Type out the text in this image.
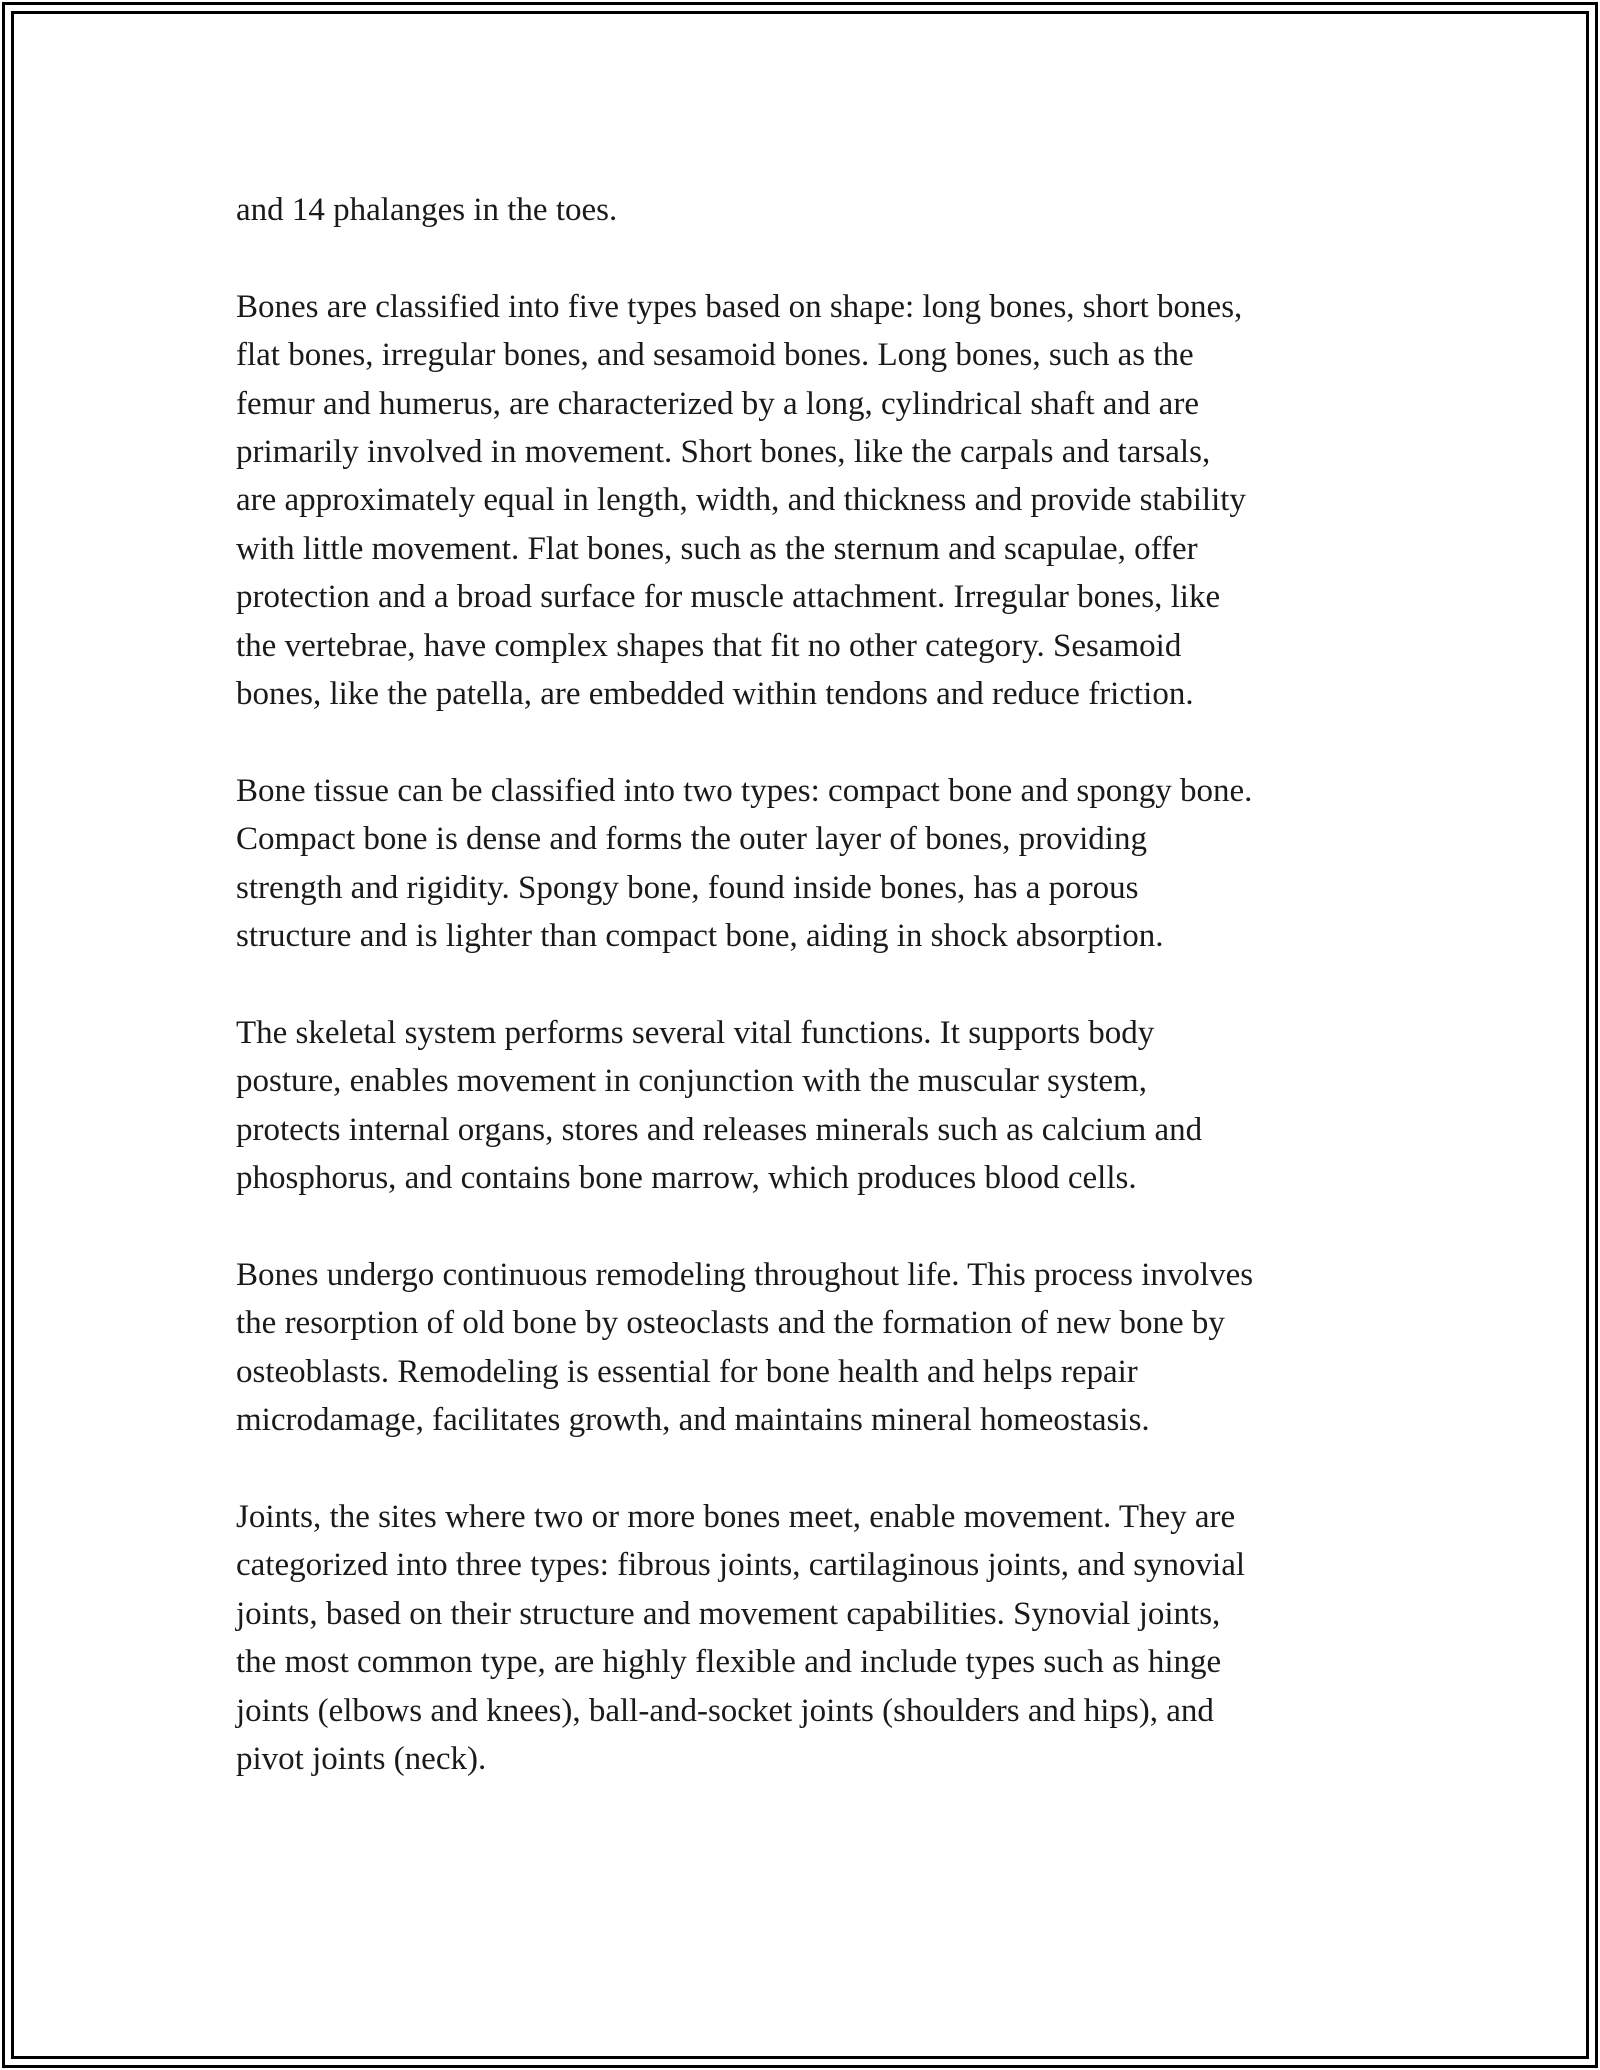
and 14 phalanges in the toes.

Bones are classified into five types based on shape: long bones, short bones,
flat bones, irregular bones, and sesamoid bones. Long bones, such as the
femur and humerus, are characterized by a long, cylindrical shaft and are
primarily involved in movement. Short bones, like the carpals and tarsals,
are approximately equal in length, width, and thickness and provide stability
with little movement. Flat bones, such as the sternum and scapulae, offer
protection and a broad surface for muscle attachment. Irregular bones, like
the vertebrae, have complex shapes that fit no other category. Sesamoid
bones, like the patella, are embedded within tendons and reduce friction.

Bone tissue can be classified into two types: compact bone and spongy bone.
Compact bone is dense and forms the outer layer of bones, providing
strength and rigidity. Spongy bone, found inside bones, has a porous
structure and is lighter than compact bone, aiding in shock absorption.

The skeletal system performs several vital functions. It supports body
posture, enables movement in conjunction with the muscular system,
protects internal organs, stores and releases minerals such as calcium and
phosphorus, and contains bone marrow, which produces blood cells.

Bones undergo continuous remodeling throughout life. This process involves
the resorption of old bone by osteoclasts and the formation of new bone by
osteoblasts. Remodeling is essential for bone health and helps repair
microdamage, facilitates growth, and maintains mineral homeostasis.

Joints, the sites where two or more bones meet, enable movement. They are
categorized into three types: fibrous joints, cartilaginous joints, and synovial
joints, based on their structure and movement capabilities. Synovial joints,
the most common type, are highly flexible and include types such as hinge
joints (elbows and knees), ball-and-socket joints (shoulders and hips), and
pivot joints (neck).
